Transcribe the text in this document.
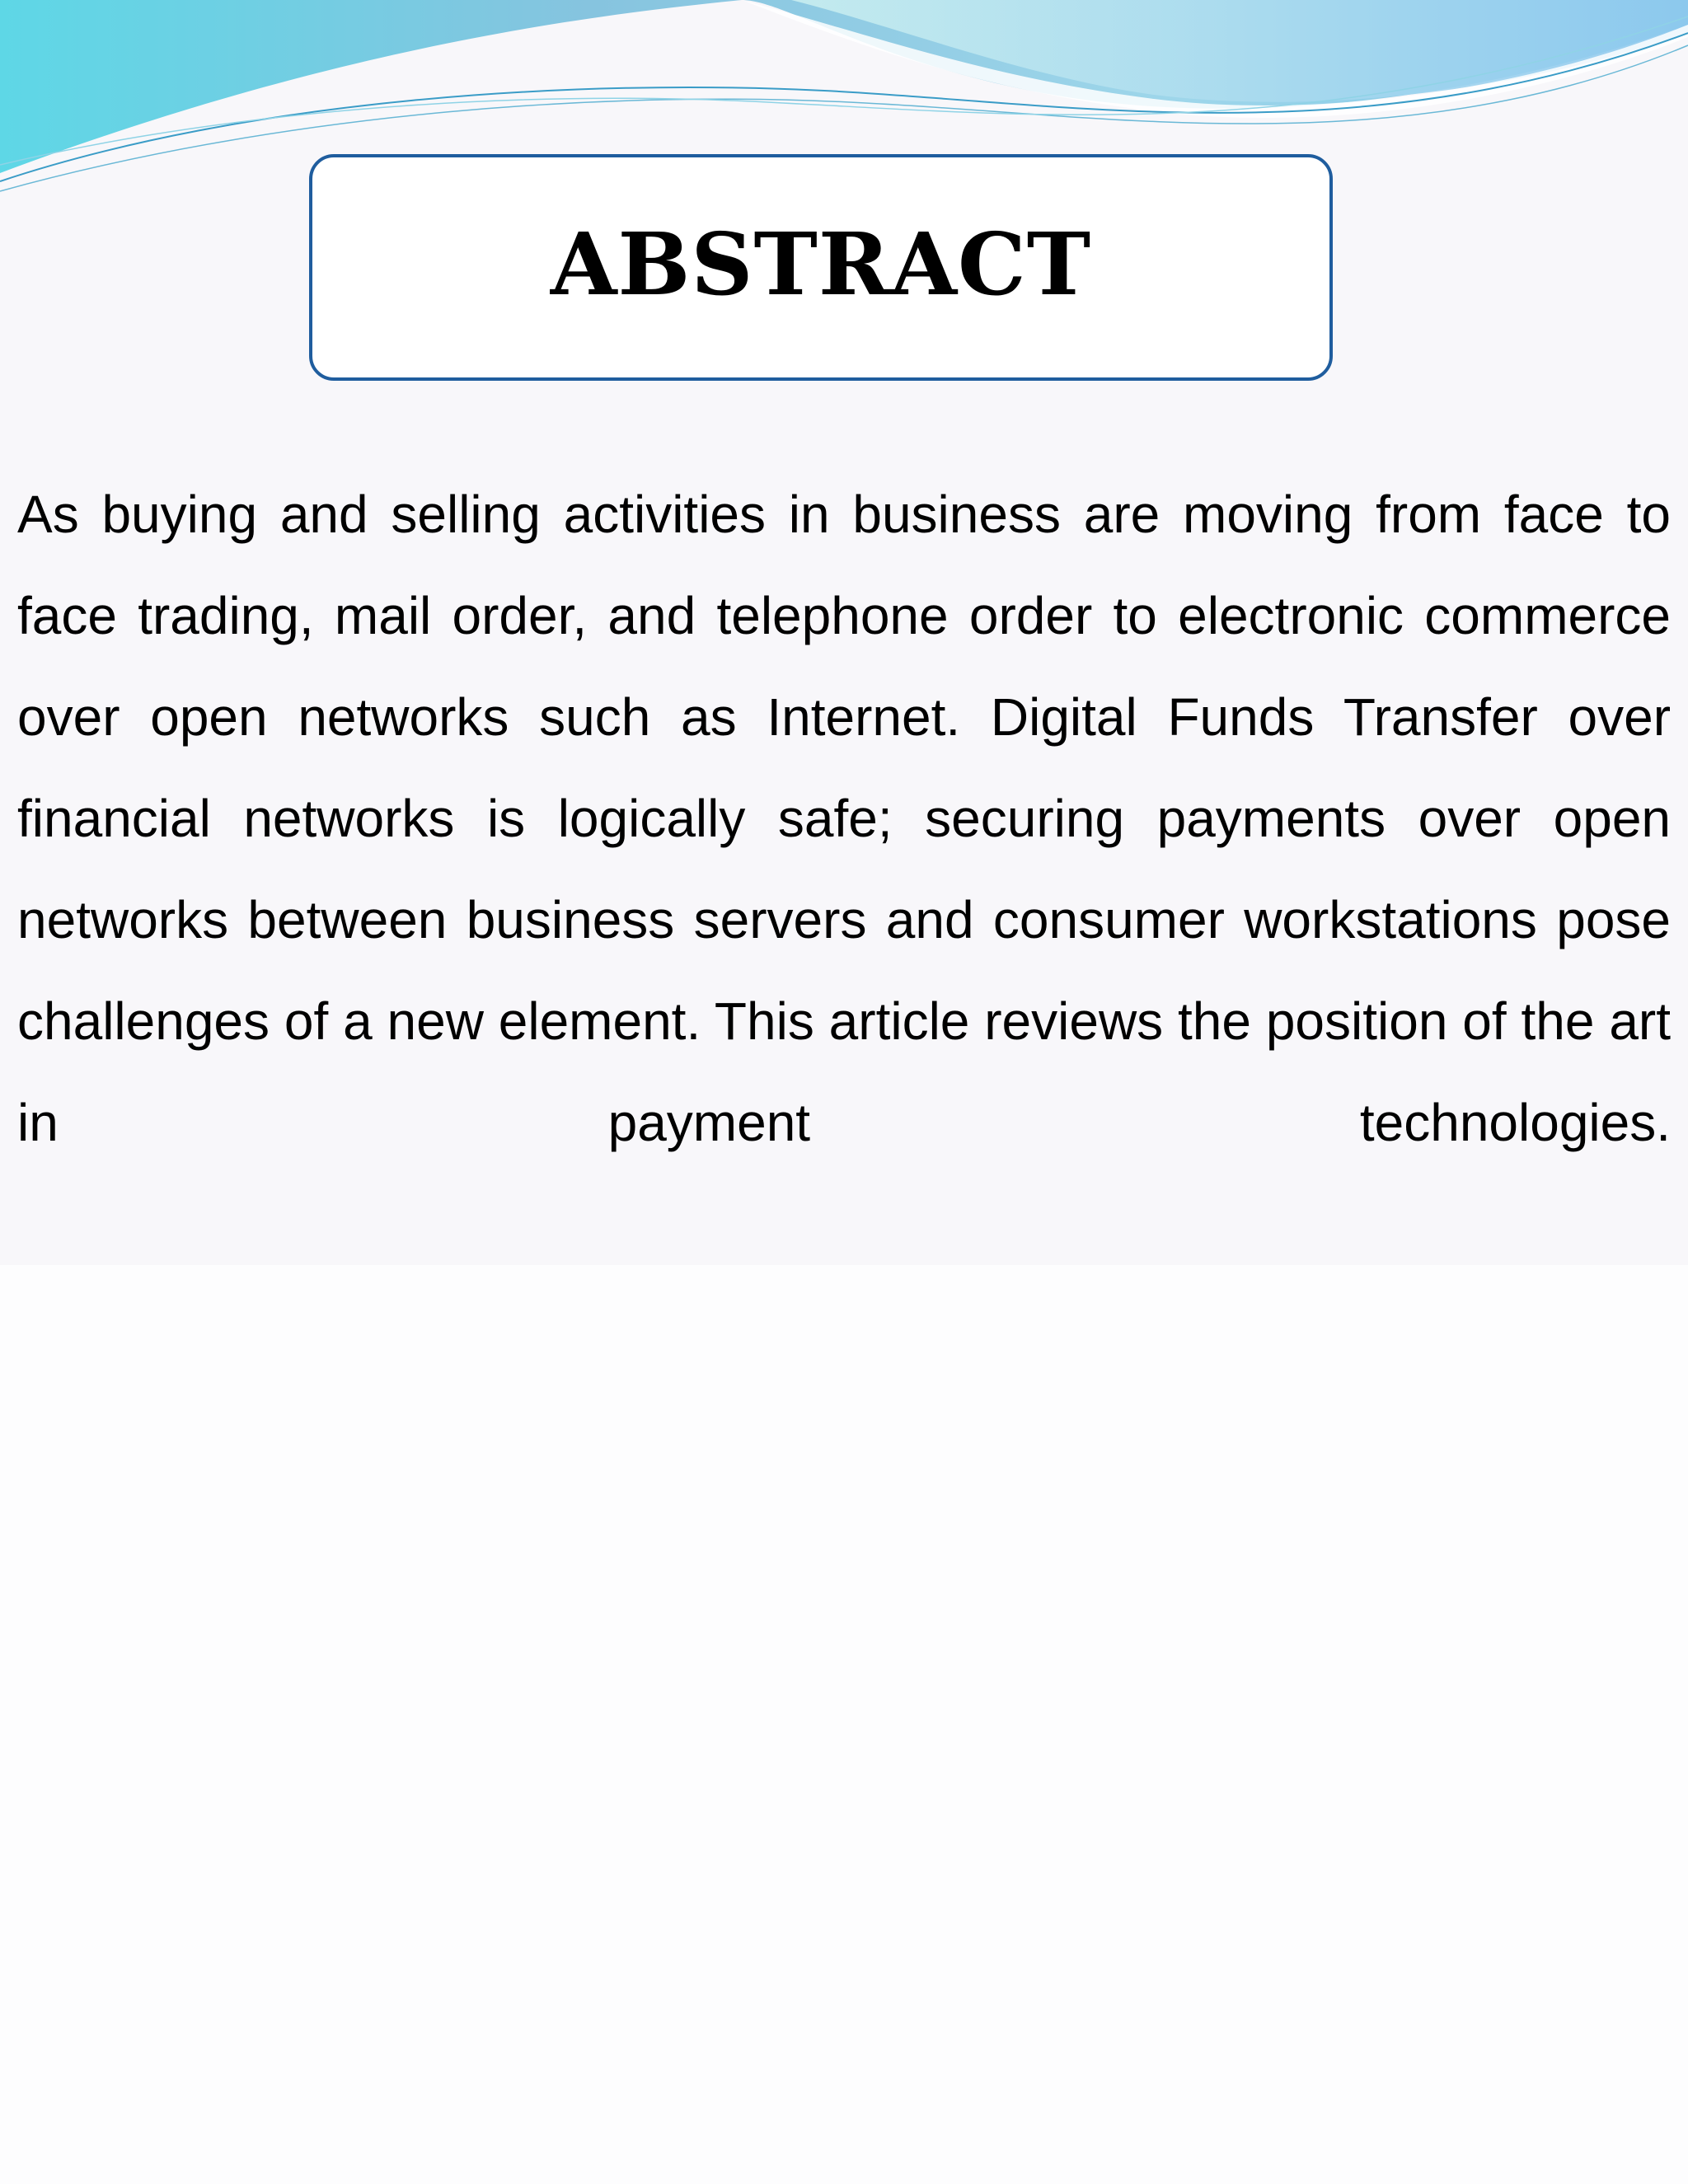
ABSTRACT

As buying and selling activities in business are moving from face to face trading, mail order, and telephone order to electronic commerce over open networks such as Internet. Digital Funds Transfer over financial networks is logically safe; securing payments over open networks between business servers and consumer workstations pose challenges of a new element. This article reviews the position of the art in payment technologies.
